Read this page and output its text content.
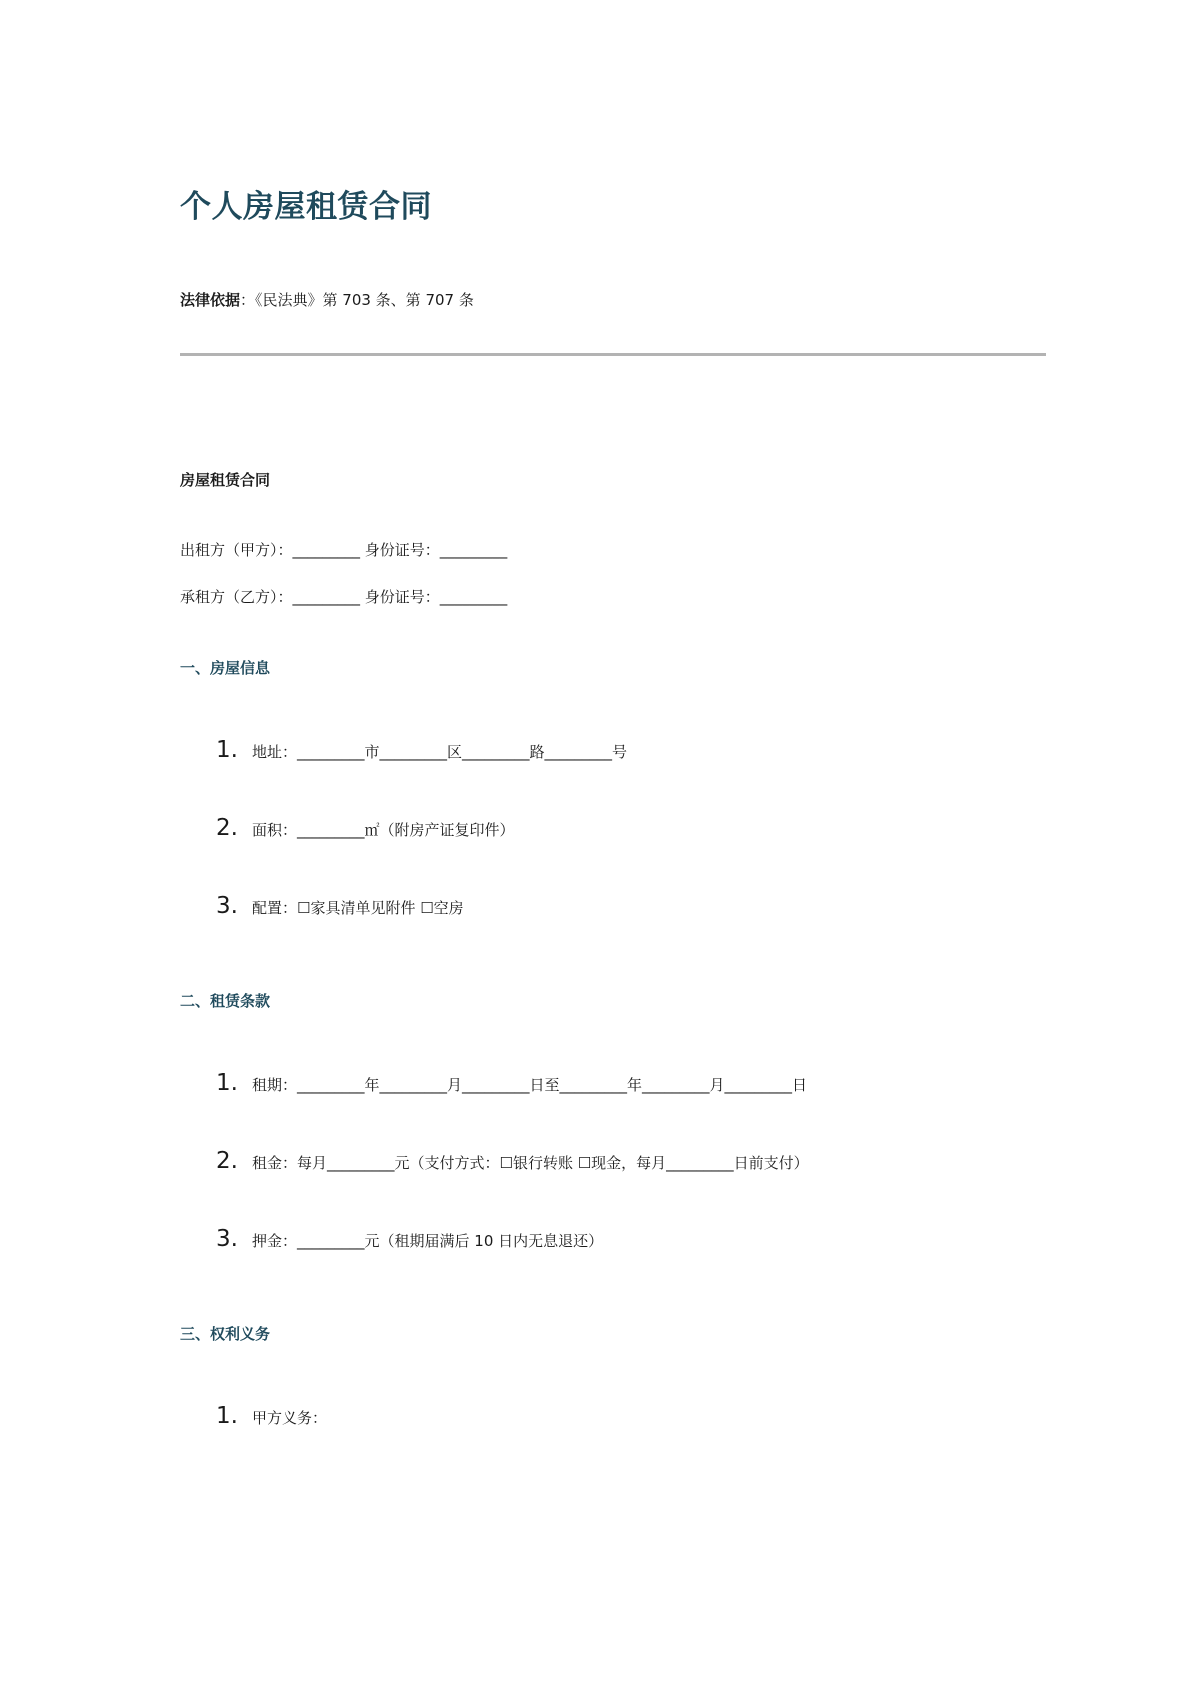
个人房屋租赁合同
法律依据：《民法典》第 703 条、第 707 条
房屋租赁合同
出租方（甲方）：_________ 身份证号：_________
承租方（乙方）：_________ 身份证号：_________
一、房屋信息
1. 地址：_________市_________区_________路_________号
2. 面积：_________㎡（附房产证复印件）
3. 配置：☐家具清单见附件 ☐空房
二、租赁条款
1. 租期：_________年_________月_________日至_________年_________月_________日
2. 租金：每月_________元（支付方式：☐银行转账 ☐现金，每月_________日前支付）
3. 押金：_________元（租期届满后 10 日内无息退还）
三、权利义务
1. 甲方义务：
